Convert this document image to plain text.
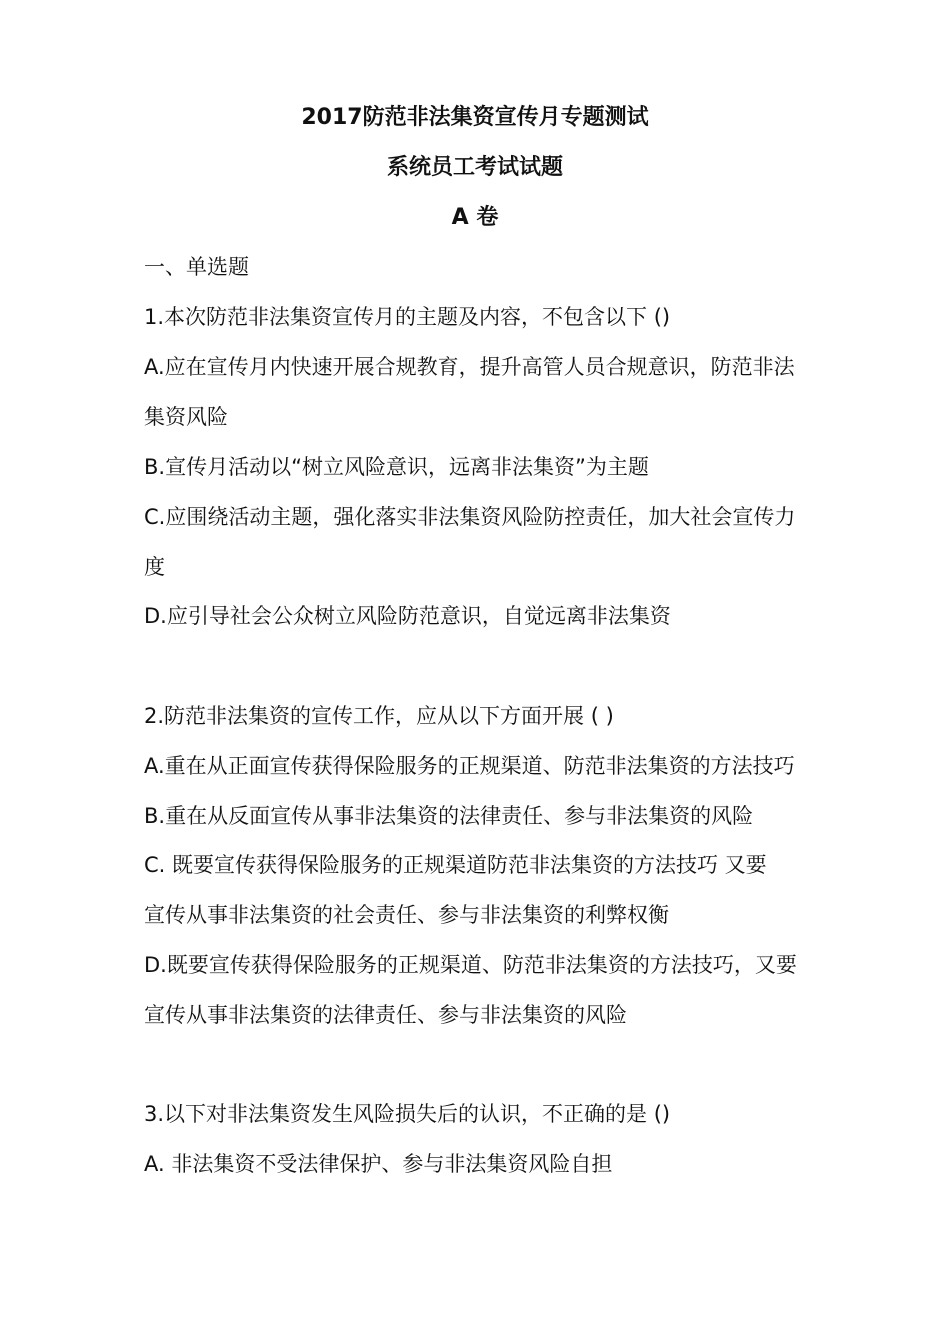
2017防范非法集资宣传月专题测试
系统员工考试试题
A 卷
一、单选题
1.本次防范非法集资宣传月的主题及内容，不包含以下 ()
A.应在宣传月内快速开展合规教育，提升高管人员合规意识，防范非法
集资风险
B.宣传月活动以“树立风险意识，远离非法集资”为主题
C.应围绕活动主题，强化落实非法集资风险防控责任，加大社会宣传力
度
D.应引导社会公众树立风险防范意识，自觉远离非法集资
2.防范非法集资的宣传工作，应从以下方面开展 ( )
A.重在从正面宣传获得保险服务的正规渠道、防范非法集资的方法技巧
B.重在从反面宣传从事非法集资的法律责任、参与非法集资的风险
C. 既要宣传获得保险服务的正规渠道防范非法集资的方法技巧 又要
宣传从事非法集资的社会责任、参与非法集资的利弊权衡
D.既要宣传获得保险服务的正规渠道、防范非法集资的方法技巧，又要
宣传从事非法集资的法律责任、参与非法集资的风险
3.以下对非法集资发生风险损失后的认识，不正确的是 ()
A. 非法集资不受法律保护、参与非法集资风险自担
